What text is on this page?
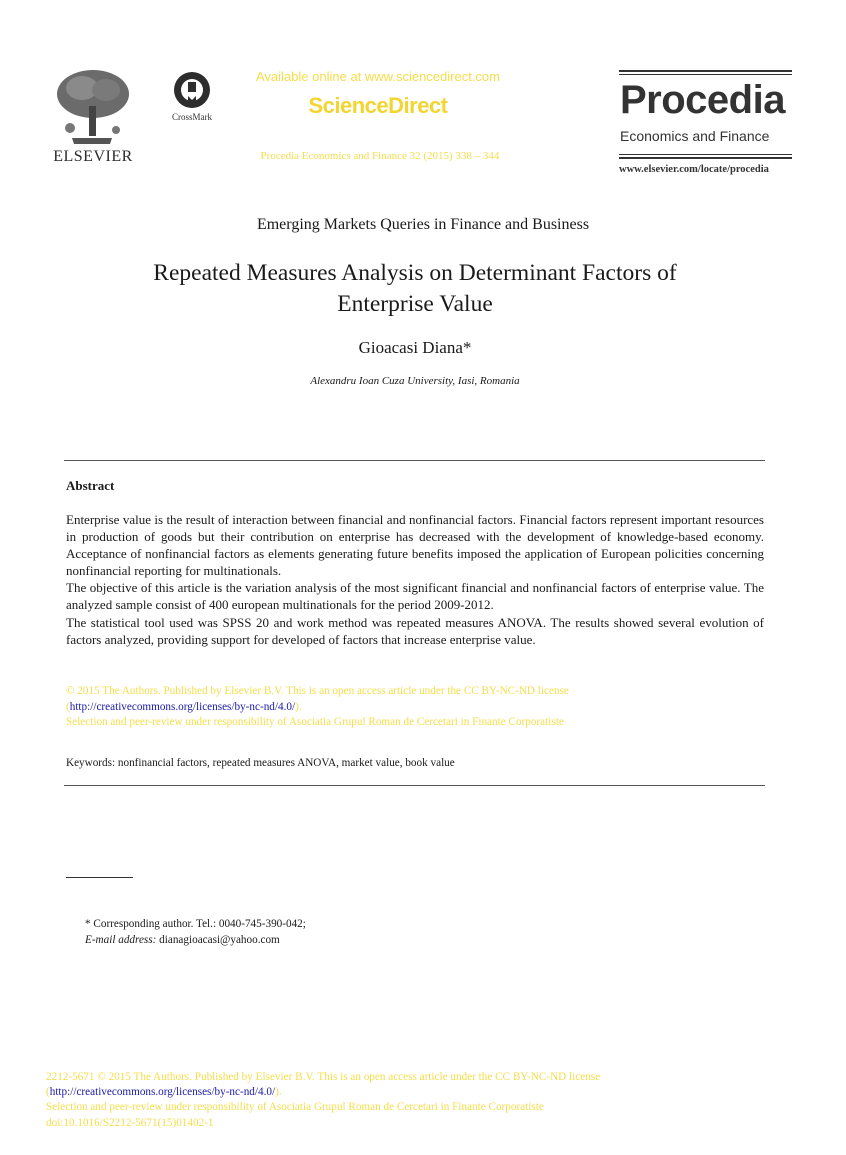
ELSEVIER
CrossMark
Available online at www.sciencedirect.com
ScienceDirect
Procedia Economics and Finance 32 (2015) 338 – 344
Procedia
Economics and Finance
www.elsevier.com/locate/procedia
Emerging Markets Queries in Finance and Business
Repeated Measures Analysis on Determinant Factors of
Enterprise Value
Gioacasi Diana*
Alexandru Ioan Cuza University, Iasi, Romania
Abstract

Enterprise value is the result of interaction between financial and nonfinancial factors. Financial factors represent important resources in production of goods but their contribution on enterprise has decreased with the development of knowledge-based economy. Acceptance of nonfinancial factors as elements generating future benefits imposed the application of European policities concerning nonfinancial reporting for multinationals.

The objective of this article is the variation analysis of the most significant financial and nonfinancial factors of enterprise value. The analyzed sample consist of 400 european multinationals for the period 2009-2012.

The statistical tool used was SPSS 20 and work method was repeated measures ANOVA. The results showed several evolution of factors analyzed, providing support for developed of factors that increase enterprise value.

© 2015 The Authors. Published by Elsevier B.V. This is an open access article under the CC BY-NC-ND license
(http://creativecommons.org/licenses/by-nc-nd/4.0/).
Selection and peer-review under responsibility of Asociatia Grupul Roman de Cercetari in Finante Corporatiste
Keywords: nonfinancial factors, repeated measures ANOVA, market value, book value
* Corresponding author. Tel.: 0040-745-390-042;
E-mail address: dianagioacasi@yahoo.com
2212-5671 © 2015 The Authors. Published by Elsevier B.V. This is an open access article under the CC BY-NC-ND license
(http://creativecommons.org/licenses/by-nc-nd/4.0/).
Selection and peer-review under responsibility of Asociatia Grupul Roman de Cercetari in Finante Corporatiste
doi:10.1016/S2212-5671(15)01402-1
